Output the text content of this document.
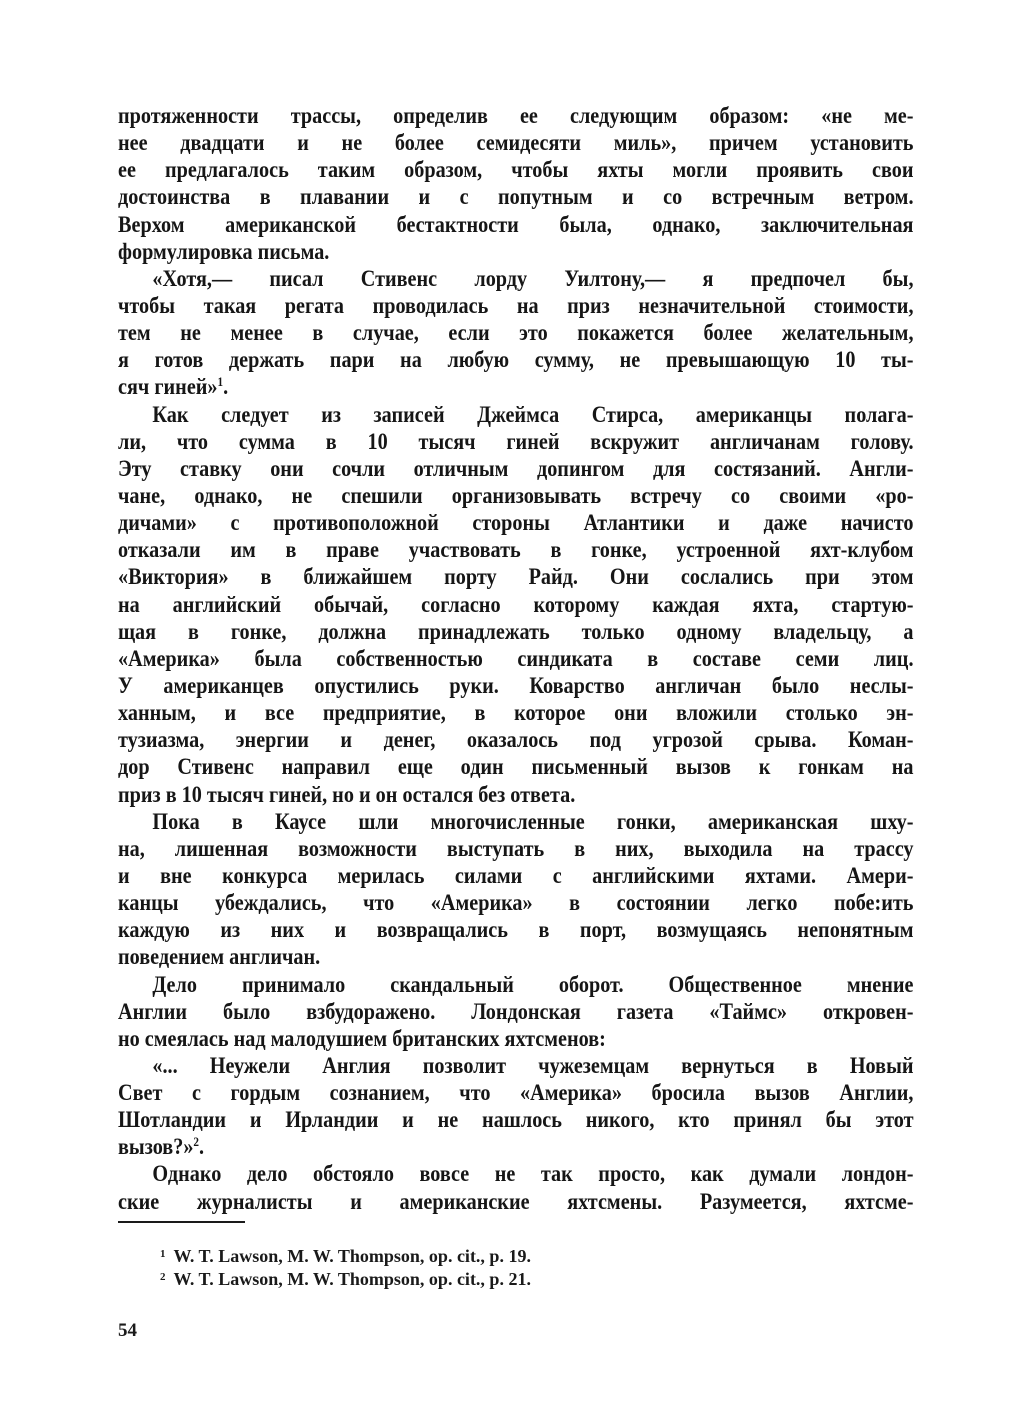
протяженности трассы, определив ее следующим образом: «не ме-
нее двадцати и не более семидесяти миль», причем установить
ее предлагалось таким образом, чтобы яхты могли проявить свои
достоинства в плавании и с попутным и со встречным ветром.
Верхом американской бестактности была, однако, заключительная
формулировка письма.
«Хотя,— писал Стивенс лорду Уилтону,— я предпочел бы,
чтобы такая регата проводилась на приз незначительной стоимости,
тем не менее в случае, если это покажется более желательным,
я готов держать пари на любую сумму, не превышающую 10 ты-
сяч гиней»$^1$.
Как следует из записей Джеймса Стирса, американцы полага-
ли, что сумма в 10 тысяч гиней вскружит англичанам голову.
Эту ставку они сочли отличным допингом для состязаний. Англи-
чане, однако, не спешили организовывать встречу со своими «ро-
дичами» с противоположной стороны Атлантики и даже начисто
отказали им в праве участвовать в гонке, устроенной яхт-клубом
«Виктория» в ближайшем порту Райд. Они сослались при этом
на английский обычай, согласно которому каждая яхта, стартую-
щая в гонке, должна принадлежать только одному владельцу, а
«Америка» была собственностью синдиката в составе семи лиц.
У американцев опустились руки. Коварство англичан было неслы-
ханным, и все предприятие, в которое они вложили столько эн-
тузиазма, энергии и денег, оказалось под угрозой срыва. Коман-
дор Стивенс направил еще один письменный вызов к гонкам на
приз в 10 тысяч гиней, но и он остался без ответа.
Пока в Каусе шли многочисленные гонки, американская шху-
на, лишенная возможности выступать в них, выходила на трассу
и вне конкурса мерилась силами с английскими яхтами. Амери-
канцы убеждались, что «Америка» в состоянии легко побе:ить
каждую из них и возвращались в порт, возмущаясь непонятным
поведением англичан.
Дело принимало скандальный оборот. Общественное мнение
Англии было взбудоражено. Лондонская газета «Таймс» откровен-
но смеялась над малодушием британских яхтсменов:
«... Неужели Англия позволит чужеземцам вернуться в Новый
Свет с гордым сознанием, что «Америка» бросила вызов Англии,
Шотландии и Ирландии и не нашлось никого, кто принял бы этот
вызов?»$^2$.
Однако дело обстояло вовсе не так просто, как думали лондон-
ские журналисты и американские яхтсмены. Разумеется, яхтсме-
$^1$ W. T. Lawson, M. W. Thompson, op. cit., p. 19.
$^2$ W. T. Lawson, M. W. Thompson, op. cit., p. 21.
54
